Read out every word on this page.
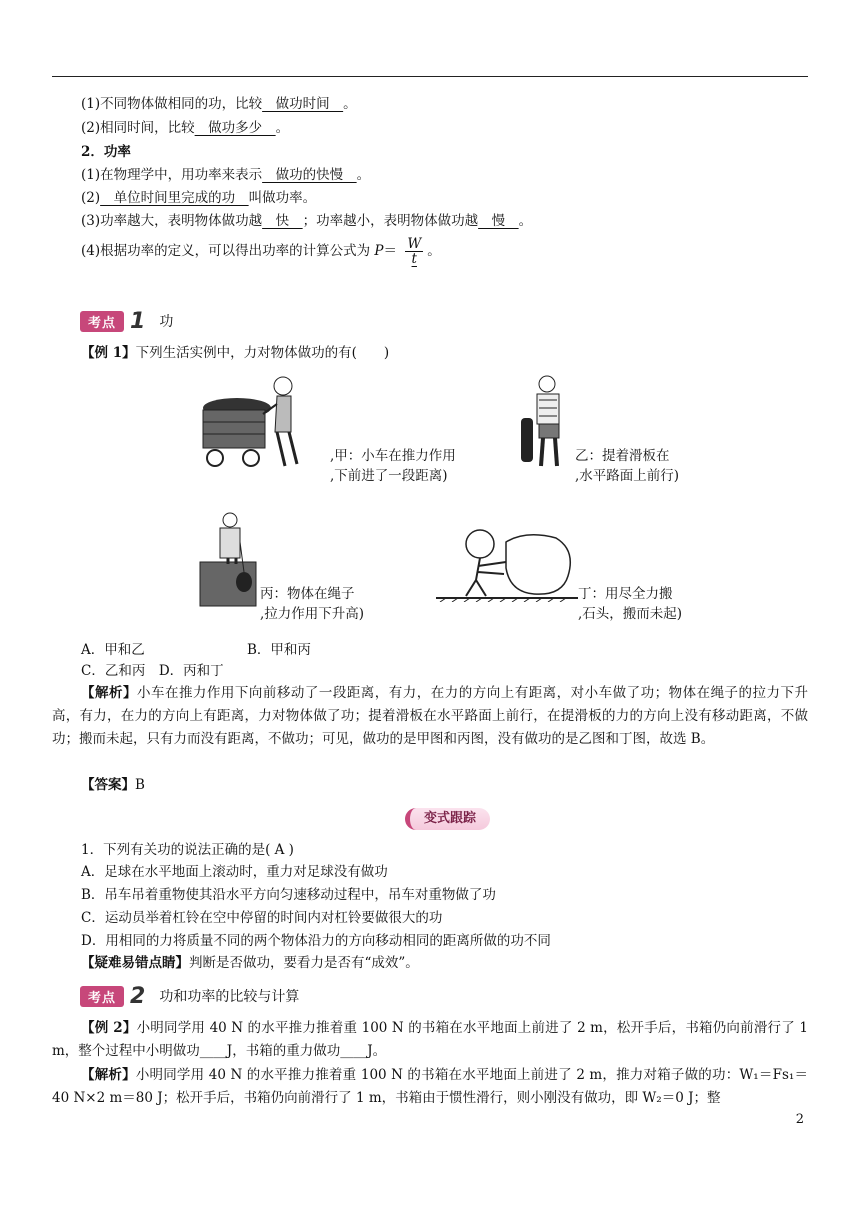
(1)不同物体做相同的功，比较　做功时间　。
(2)相同时间，比较　做功多少　。
2．功率
(1)在物理学中，用功率来表示　做功的快慢　。
(2)　单位时间里完成的功　叫做功率。
(3)功率越大，表明物体做功越　快　；功率越小，表明物体做功越　慢　。
(4)根据功率的定义，可以得出功率的计算公式为 $P= \frac{W}{t}$ 。
考点 1 功
【例 1】下列生活实例中，力对物体做功的有(　　)
,甲：小车在推力作用
,下前进了一段距离)
乙：提着滑板在
,水平路面上前行)
丙：物体在绳子
,拉力作用下升高)
丁：用尽全力搬
,石头，搬而未起)
A．甲和乙	B．甲和丙
C．乙和丙　D．丙和丁
【解析】小车在推力作用下向前移动了一段距离，有力，在力的方向上有距离，对小车做了功；物体在绳子的拉力下升高，有力，在力的方向上有距离，力对物体做了功；提着滑板在水平路面上前行，在提滑板的力的方向上没有移动距离，不做功；搬而未起，只有力而没有距离，不做功；可见，做功的是甲图和丙图，没有做功的是乙图和丁图，故选 B。
【答案】B
变式跟踪
1．下列有关功的说法正确的是( A )
A．足球在水平地面上滚动时，重力对足球没有做功
B．吊车吊着重物使其沿水平方向匀速移动过程中，吊车对重物做了功
C．运动员举着杠铃在空中停留的时间内对杠铃要做很大的功
D．用相同的力将质量不同的两个物体沿力的方向移动相同的距离所做的功不同
【疑难易错点睛】判断是否做功，要看力是否有“成效”。
考点 2 功和功率的比较与计算
【例 2】小明同学用 40 N 的水平推力推着重 100 N 的书箱在水平地面上前进了 2 m，松开手后，书箱仍向前滑行了 1 m，整个过程中小明做功____J，书箱的重力做功____J。
【解析】小明同学用 40 N 的水平推力推着重 100 N 的书箱在水平地面上前进了 2 m，推力对箱子做的功：W₁＝Fs₁＝40 N×2 m＝80 J；松开手后，书箱仍向前滑行了 1 m，书箱由于惯性滑行，则小刚没有做功，即 W₂＝0 J；整
2
